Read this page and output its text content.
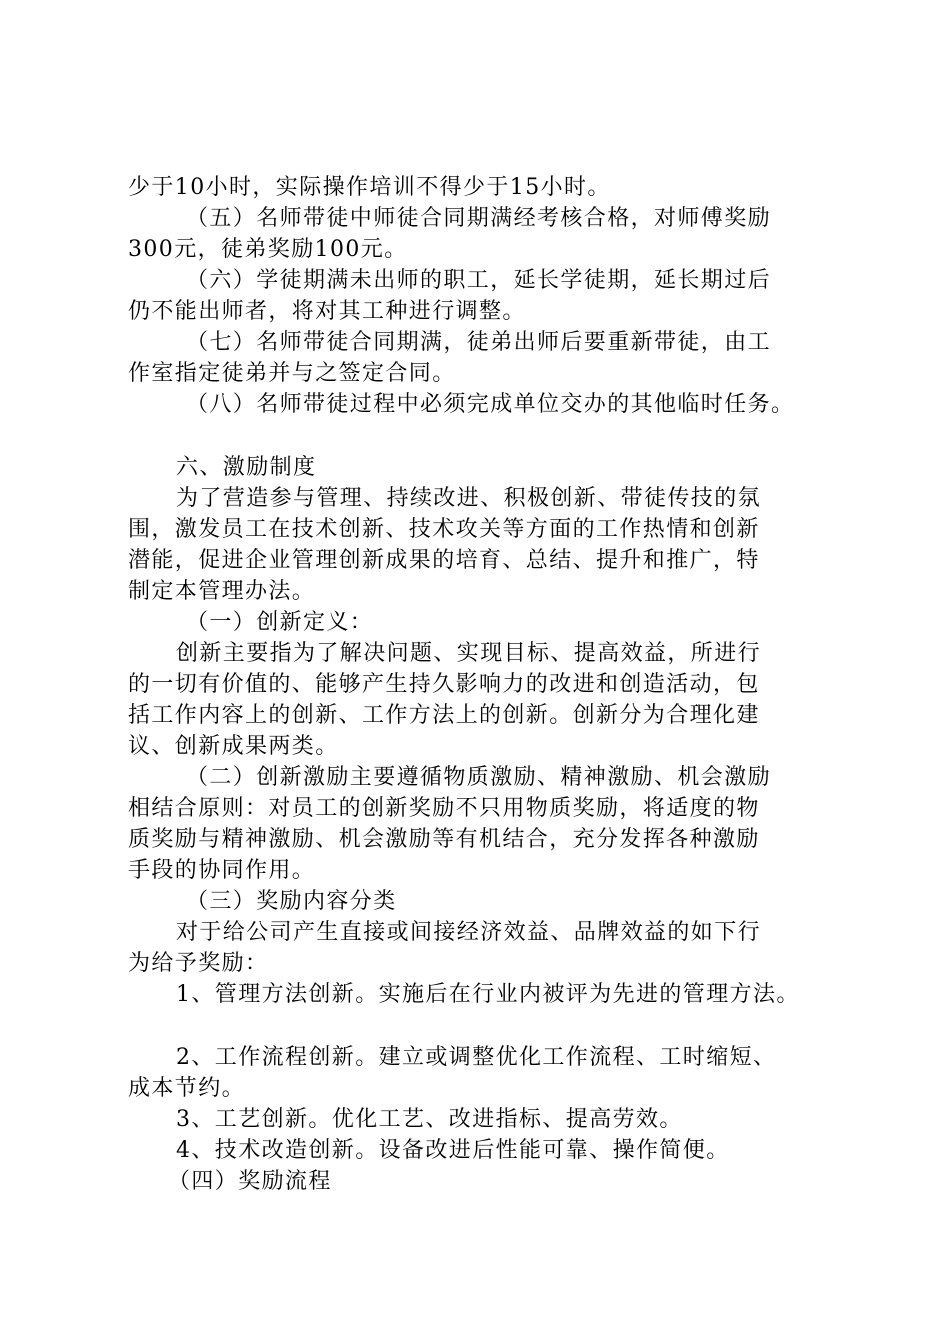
少于10小时，实际操作培训不得少于15小时。
（五）名师带徒中师徒合同期满经考核合格，对师傅奖励
300元，徒弟奖励100元。
（六）学徒期满未出师的职工，延长学徒期，延长期过后
仍不能出师者，将对其工种进行调整。
（七）名师带徒合同期满，徒弟出师后要重新带徒，由工
作室指定徒弟并与之签定合同。
（八）名师带徒过程中必须完成单位交办的其他临时任务。
六、激励制度
为了营造参与管理、持续改进、积极创新、带徒传技的氛
围，激发员工在技术创新、技术攻关等方面的工作热情和创新
潜能，促进企业管理创新成果的培育、总结、提升和推广，特
制定本管理办法。
（一）创新定义：
创新主要指为了解决问题、实现目标、提高效益，所进行
的一切有价值的、能够产生持久影响力的改进和创造活动，包
括工作内容上的创新、工作方法上的创新。创新分为合理化建
议、创新成果两类。
（二）创新激励主要遵循物质激励、精神激励、机会激励
相结合原则：对员工的创新奖励不只用物质奖励，将适度的物
质奖励与精神激励、机会激励等有机结合，充分发挥各种激励
手段的协同作用。
（三）奖励内容分类
对于给公司产生直接或间接经济效益、品牌效益的如下行
为给予奖励：
1、管理方法创新。实施后在行业内被评为先进的管理方法。
2、工作流程创新。建立或调整优化工作流程、工时缩短、
成本节约。
3、工艺创新。优化工艺、改进指标、提高劳效。
4、技术改造创新。设备改进后性能可靠、操作简便。
（四）奖励流程
